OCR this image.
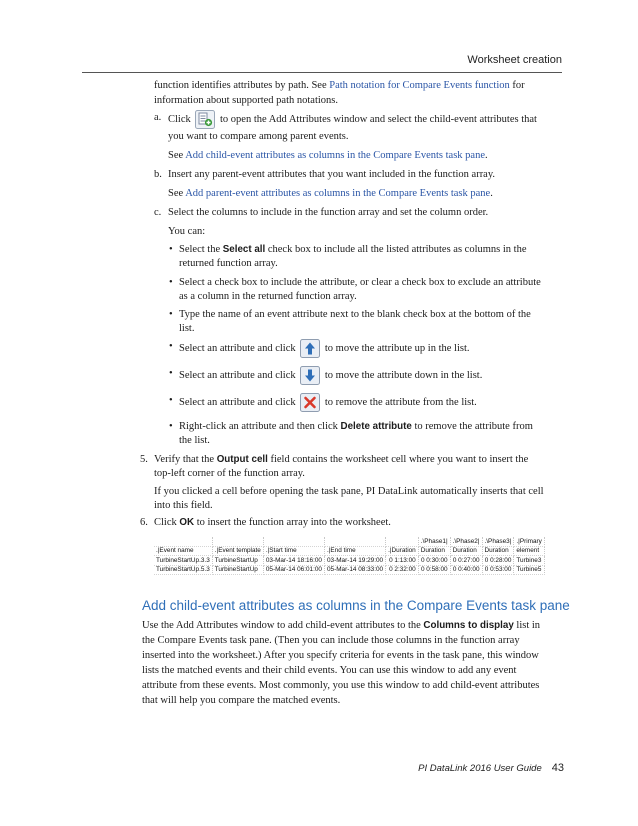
Worksheet creation

function identifies attributes by path. See Path notation for Compare Events function for

information about supported path notations.

a. Click  to open the Add Attributes window and select the child-event attributes that

you want to compare among parent events.

See Add child-event attributes as columns in the Compare Events task pane.

b. Insert any parent-event attributes that you want included in the function array.

See Add parent-event attributes as columns in the Compare Events task pane.

c. Select the columns to include in the function array and set the column order.

You can:

• Select the Select all check box to include all the listed attributes as columns in the

returned function array.

• Select a check box to include the attribute, or clear a check box to exclude an attribute

as a column in the returned function array.

• Type the name of an event attribute next to the blank check box at the bottom of the

list.

• Select an attribute and click  to move the attribute up in the list.

• Select an attribute and click  to move the attribute down in the list.

• Select an attribute and click  to remove the attribute from the list.

• Right-click an attribute and then click Delete attribute to remove the attribute from

the list.

5. Verify that the Output cell field contains the worksheet cell where you want to insert the

top-left corner of the function array.

If you clicked a cell before opening the task pane, PI DataLink automatically inserts that cell

into this field.

6. Click OK to insert the function array into the worksheet.

					.\Phase1|	.\Phase2|	.\Phase3|	.|Primary
.|Event name	.|Event template	.|Start time	.|End time	.|Duration	Duration	Duration	Duration	element
TurbineStartUp.3.3	TurbineStartUp	03-Mar-14 18:16:00	03-Mar-14 19:29:00	0 1:13:00	0 0:30:00	0 0:27:00	0 0:28:00	Turbine3
TurbineStartUp.5.3	TurbineStartUp	05-Mar-14 06:01:00	05-Mar-14 08:33:00	0 2:32:00	0 0:58:00	0 0:40:00	0 0:53:00	Turbine5
Add child-event attributes as columns in the Compare Events task pane

Use the Add Attributes window to add child-event attributes to the Columns to display list in

the Compare Events task pane. (Then you can include those columns in the function array

inserted into the worksheet.) After you specify criteria for events in the task pane, this window

lists the matched events and their child events. You can use this window to add any event

attribute from these events. Most commonly, you use this window to add child-event attributes

that will help you compare the matched events.

PI DataLink 2016 User Guide 43
